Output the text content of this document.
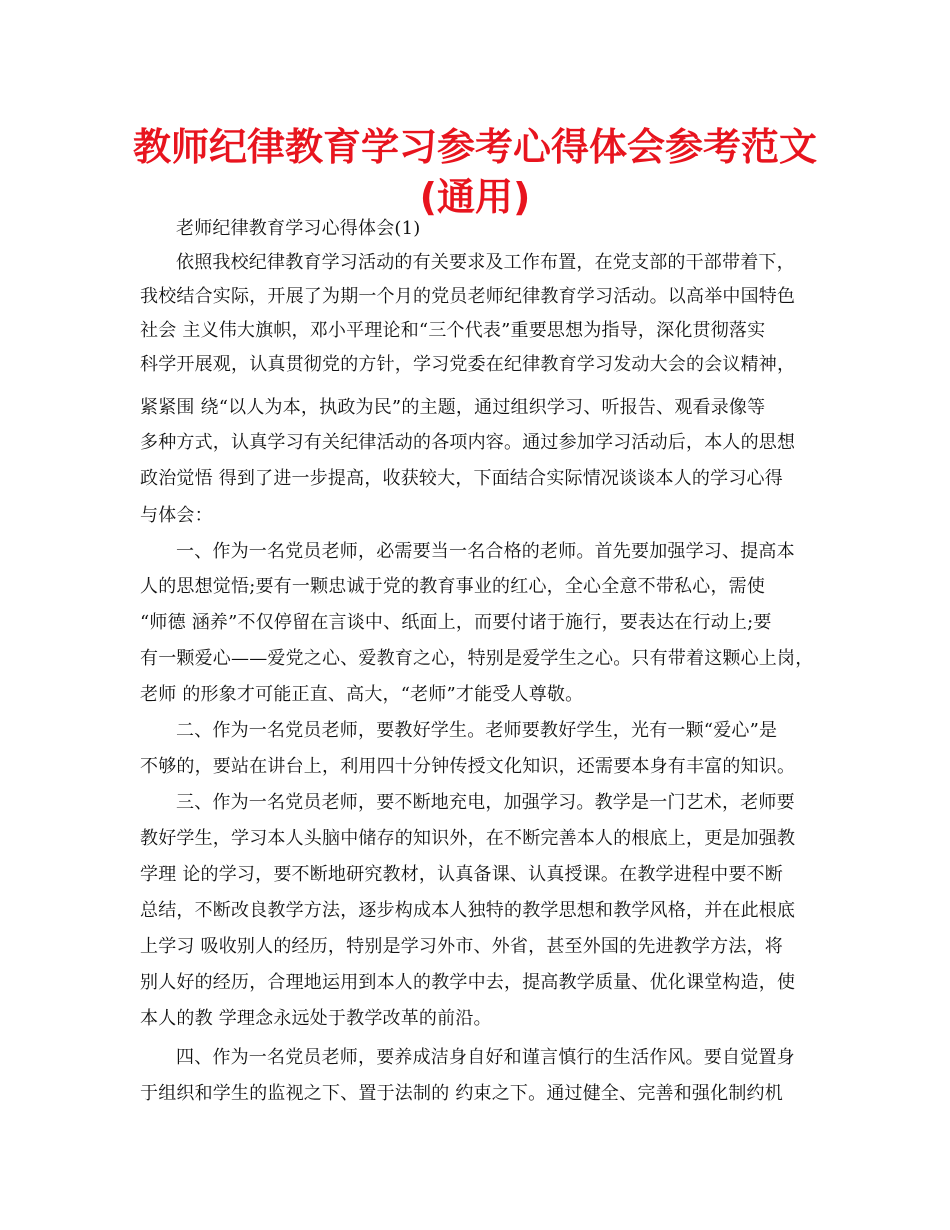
教师纪律教育学习参考心得体会参考范文
(通用)
老师纪律教育学习心得体会(1)
依照我校纪律教育学习活动的有关要求及工作布置，在党支部的干部带着下，
我校结合实际，开展了为期一个月的党员老师纪律教育学习活动。以高举中国特色
社会 主义伟大旗帜，邓小平理论和“三个代表”重要思想为指导，深化贯彻落实
科学开展观，认真贯彻党的方针，学习党委在纪律教育学习发动大会的会议精神，
紧紧围 绕“以人为本，执政为民”的主题，通过组织学习、听报告、观看录像等
多种方式，认真学习有关纪律活动的各项内容。通过参加学习活动后，本人的思想
政治觉悟 得到了进一步提高，收获较大，下面结合实际情况谈谈本人的学习心得
与体会：
一、作为一名党员老师，必需要当一名合格的老师。首先要加强学习、提高本
人的思想觉悟;要有一颗忠诚于党的教育事业的红心，全心全意不带私心，需使
“师德 涵养”不仅停留在言谈中、纸面上，而要付诸于施行，要表达在行动上;要
有一颗爱心——爱党之心、爱教育之心，特别是爱学生之心。只有带着这颗心上岗，
老师 的形象才可能正直、高大，“老师”才能受人尊敬。
二、作为一名党员老师，要教好学生。老师要教好学生，光有一颗“爱心”是
不够的，要站在讲台上，利用四十分钟传授文化知识，还需要本身有丰富的知识。
三、作为一名党员老师，要不断地充电，加强学习。教学是一门艺术，老师要
教好学生，学习本人头脑中储存的知识外，在不断完善本人的根底上，更是加强教
学理 论的学习，要不断地研究教材，认真备课、认真授课。在教学进程中要不断
总结，不断改良教学方法，逐步构成本人独特的教学思想和教学风格，并在此根底
上学习 吸收别人的经历，特别是学习外市、外省，甚至外国的先进教学方法，将
别人好的经历，合理地运用到本人的教学中去，提高教学质量、优化课堂构造，使
本人的教 学理念永远处于教学改革的前沿。
四、作为一名党员老师，要养成洁身自好和谨言慎行的生活作风。要自觉置身
于组织和学生的监视之下、置于法制的 约束之下。通过健全、完善和强化制约机
